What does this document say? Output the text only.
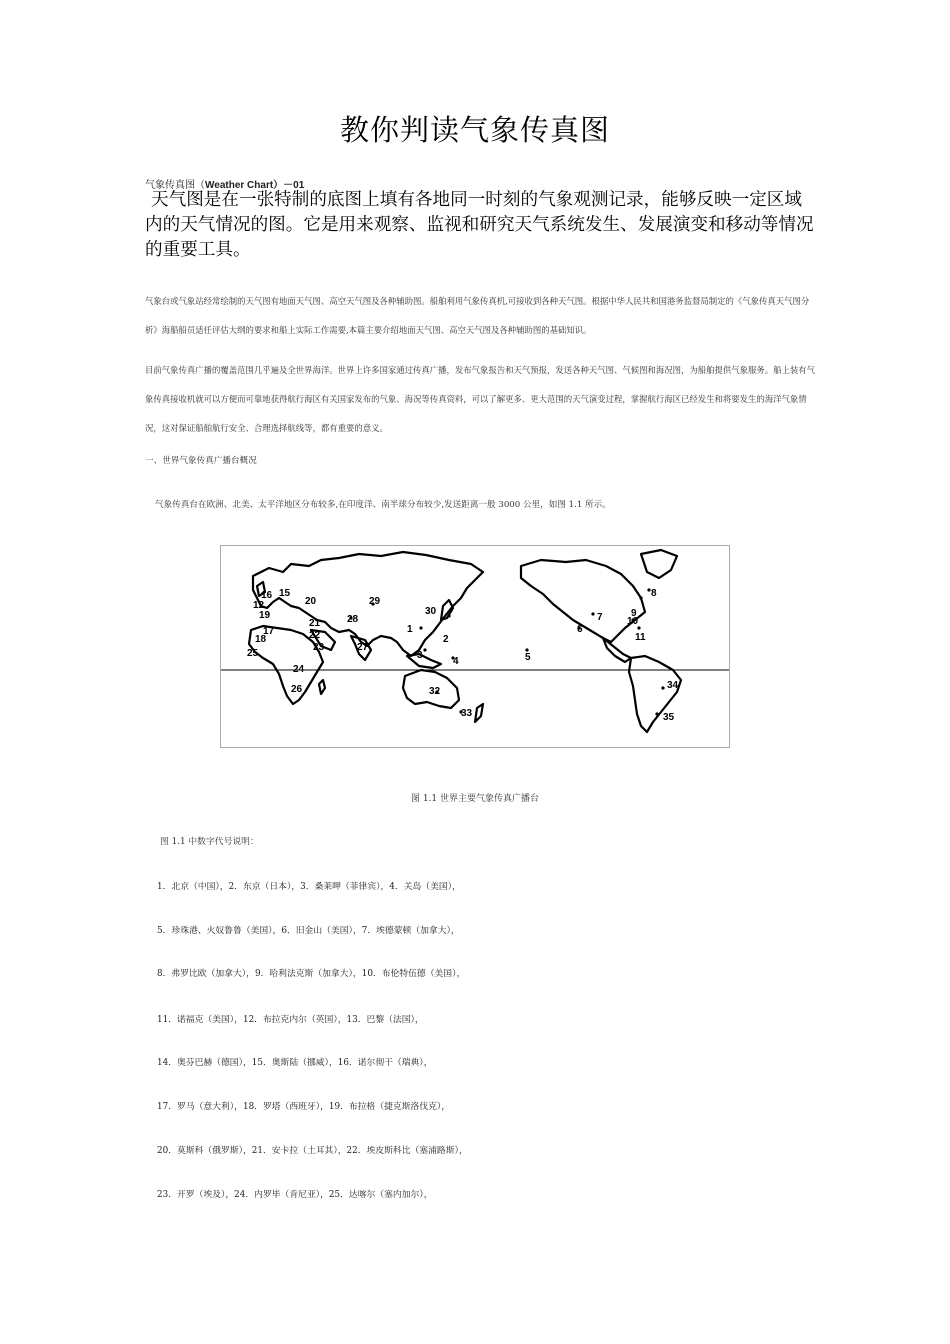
教你判读气象传真图
气象传真图（Weather Chart）－01
天气图是在一张特制的底图上填有各地同一时刻的气象观测记录，能够反映一定区域内的天气情况的图。它是用来观察、监视和研究天气系统发生、发展演变和移动等情况的重要工具。
气象台或气象站经常绘制的天气图有地面天气图、高空天气图及各种辅助图。船舶利用气象传真机,可接收到各种天气图。根据中华人民共和国港务监督局制定的《气象传真天气图分析》海船船员适任评估大纲的要求和船上实际工作需要,本篇主要介绍地面天气图、高空天气图及各种辅助图的基础知识。
目前气象传真广播的覆盖范围几乎遍及全世界海洋。世界上许多国家通过传真广播，发布气象报告和天气预报，发送各种天气图、气候图和海况图，为船舶提供气象服务。船上装有气象传真接收机就可以方便而可靠地获得航行海区有关国家发布的气象、海况等传真资料，可以了解更多、更大范围的天气演变过程，掌握航行海区已经发生和将要发生的海洋气象情况，这对保证船舶航行安全、合理选择航线等，都有重要的意义。
一、世界气象传真广播台概况
气象传真台在欧洲、北美、太平洋地区分布较多,在印度洋、南半球分布较少,发送距离一般 3000 公里，如图 1.1 所示。
1
2
3
4	5
6
7
8
9
10
11
15
16
12
19
17
18
20
21
22
23
24
25
26
27
28
29
30
32
33
34
35
图 1.1 世界主要气象传真广播台
图 1.1 中数字代号说明：
1．北京（中国），2．东京（日本），3．桑莱呷（菲律宾），4．关岛（美国），
5．珍珠港、火奴鲁鲁（美国），6．旧金山（美国），7．埃德蒙顿（加拿大），
8．弗罗比欧（加拿大），9．哈利法克斯（加拿大），10．布伦特伍德（美国），
11．诺福克（美国），12．布拉克内尔（英国），13．巴黎（法国），
14．奥芬巴赫（德国），15．奥斯陆（挪威），16．诺尔彻干（瑞典），
17．罗马（意大利），18．罗塔（西班牙），19．布拉格（捷克斯洛伐克），
20．莫斯科（俄罗斯），21．安卡拉（土耳其），22．埃皮斯科比（塞浦路斯），
23．开罗（埃及），24．内罗毕（肯尼亚），25．达喀尔（塞内加尔），
